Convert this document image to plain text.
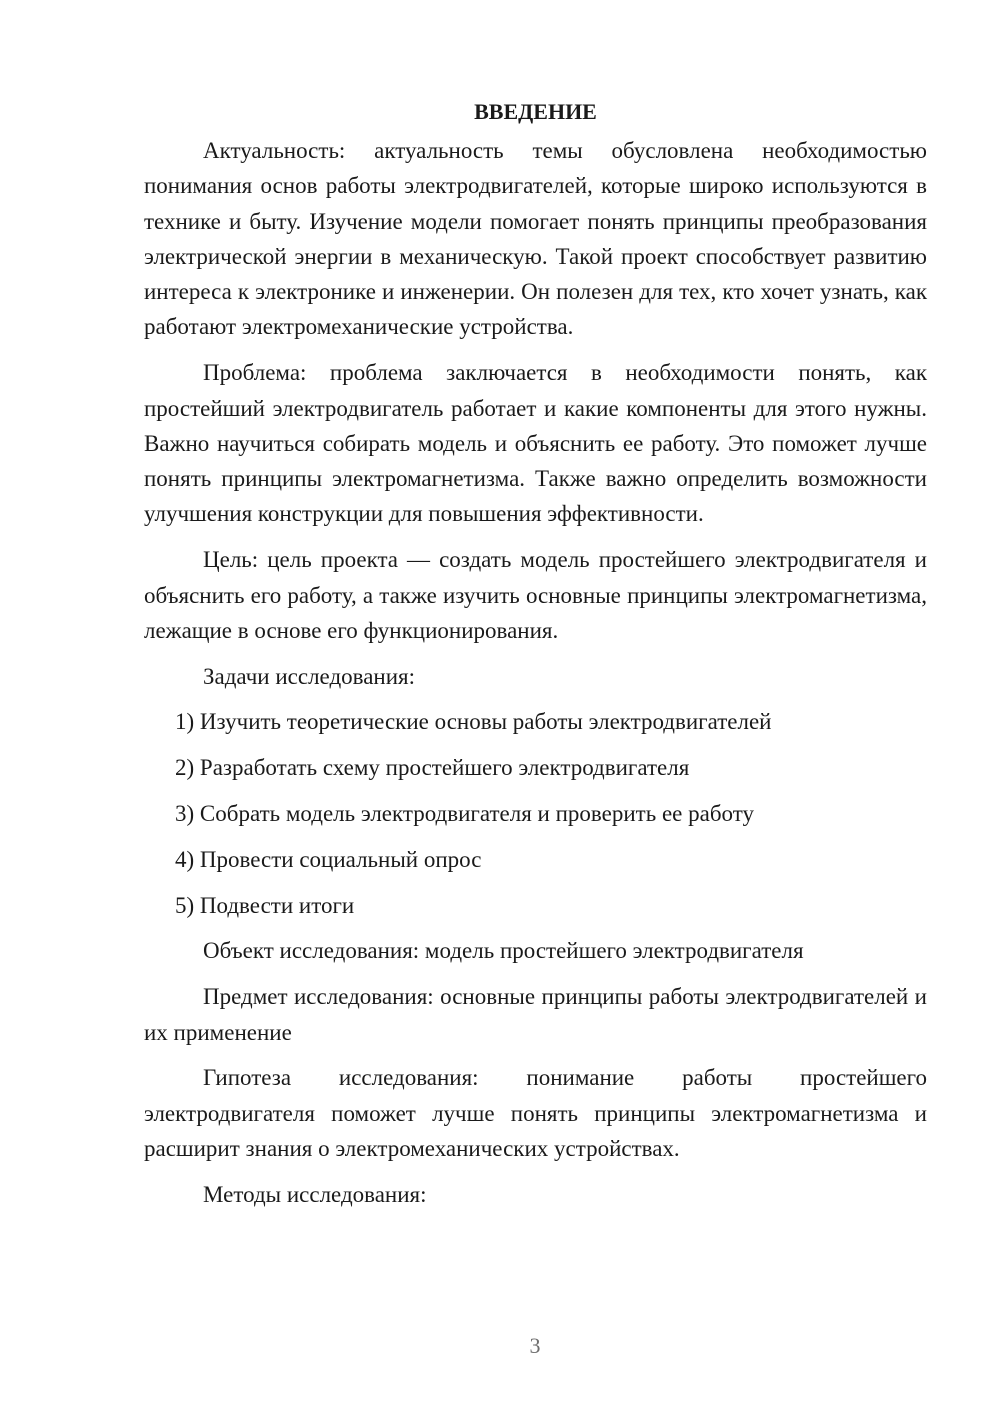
ВВЕДЕНИЕ

Актуальность: актуальность темы обусловлена необходимостью понимания основ работы электродвигателей, которые широко используются в технике и быту. Изучение модели помогает понять принципы преобразования электрической энергии в механическую. Такой проект способствует развитию интереса к электронике и инженерии. Он полезен для тех, кто хочет узнать, как работают электромеханические устройства.

Проблема: проблема заключается в необходимости понять, как простейший электродвигатель работает и какие компоненты для этого нужны. Важно научиться собирать модель и объяснить ее работу. Это поможет лучше понять принципы электромагнетизма. Также важно определить возможности улучшения конструкции для повышения эффективности.

Цель: цель проекта — создать модель простейшего электродвигателя и объяснить его работу, а также изучить основные принципы электромагнетизма, лежащие в основе его функционирования.

Задачи исследования:

1) Изучить теоретические основы работы электродвигателей
2) Разработать схему простейшего электродвигателя
3) Собрать модель электродвигателя и проверить ее работу
4) Провести социальный опрос
5) Подвести итоги

Объект исследования: модель простейшего электродвигателя

Предмет исследования: основные принципы работы электродвигателей и их применение

Гипотеза исследования: понимание работы простейшего электродвигателя поможет лучше понять принципы электромагнетизма и расширит знания о электромеханических устройствах.

Методы исследования:

3
